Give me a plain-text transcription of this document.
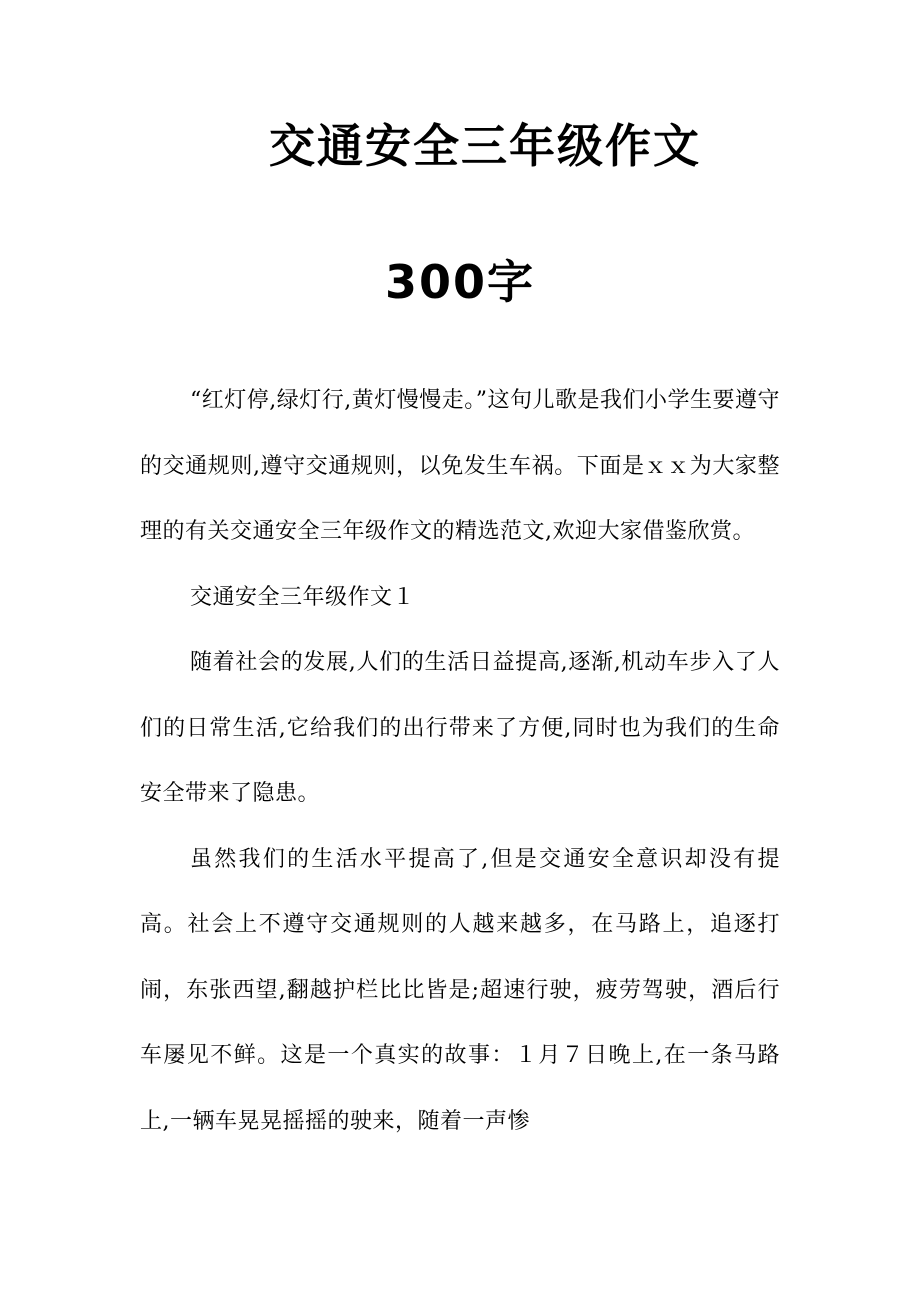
交通安全三年级作文
300字

“红灯停,绿灯行,黄灯慢慢走。”这句儿歌是我们小学生要遵守的交通规则,遵守交通规则，以免发生车祸。下面是ｘｘ为大家整理的有关交通安全三年级作文的精选范文,欢迎大家借鉴欣赏。

交通安全三年级作文１

随着社会的发展,人们的生活日益提高,逐渐,机动车步入了人们的日常生活,它给我们的出行带来了方便,同时也为我们的生命安全带来了隐患。

虽然我们的生活水平提高了,但是交通安全意识却没有提高。社会上不遵守交通规则的人越来越多，在马路上，追逐打闹，东张西望,翻越护栏比比皆是;超速行驶，疲劳驾驶，酒后行车屡见不鲜。这是一个真实的故事：１月７日晚上,在一条马路上,一辆车晃晃摇摇的驶来，随着一声惨
